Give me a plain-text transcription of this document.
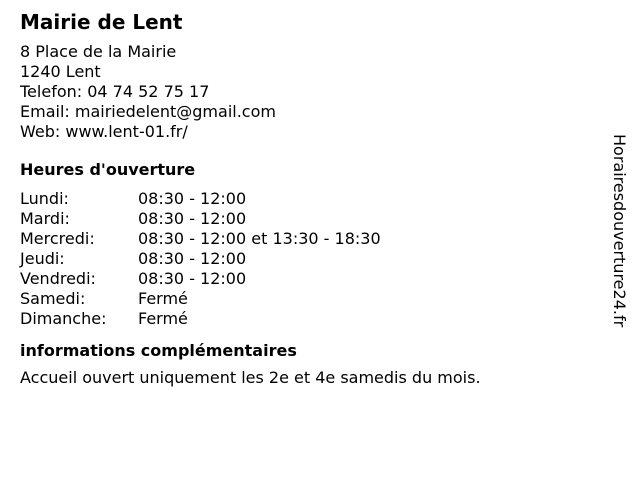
Mairie de Lent
8 Place de la Mairie
1240 Lent
Telefon: 04 74 52 75 17
Email: mairiedelent@gmail.com
Web: www.lent-01.fr/
Heures d'ouverture
Lundi:	08:30 - 12:00
Mardi:	08:30 - 12:00
Mercredi:	08:30 - 12:00 et 13:30 - 18:30
Jeudi:	08:30 - 12:00
Vendredi:	08:30 - 12:00
Samedi:	Fermé
Dimanche:	Fermé
informations complémentaires
Accueil ouvert uniquement les 2e et 4e samedis du mois.
Horairesdouverture24.fr
